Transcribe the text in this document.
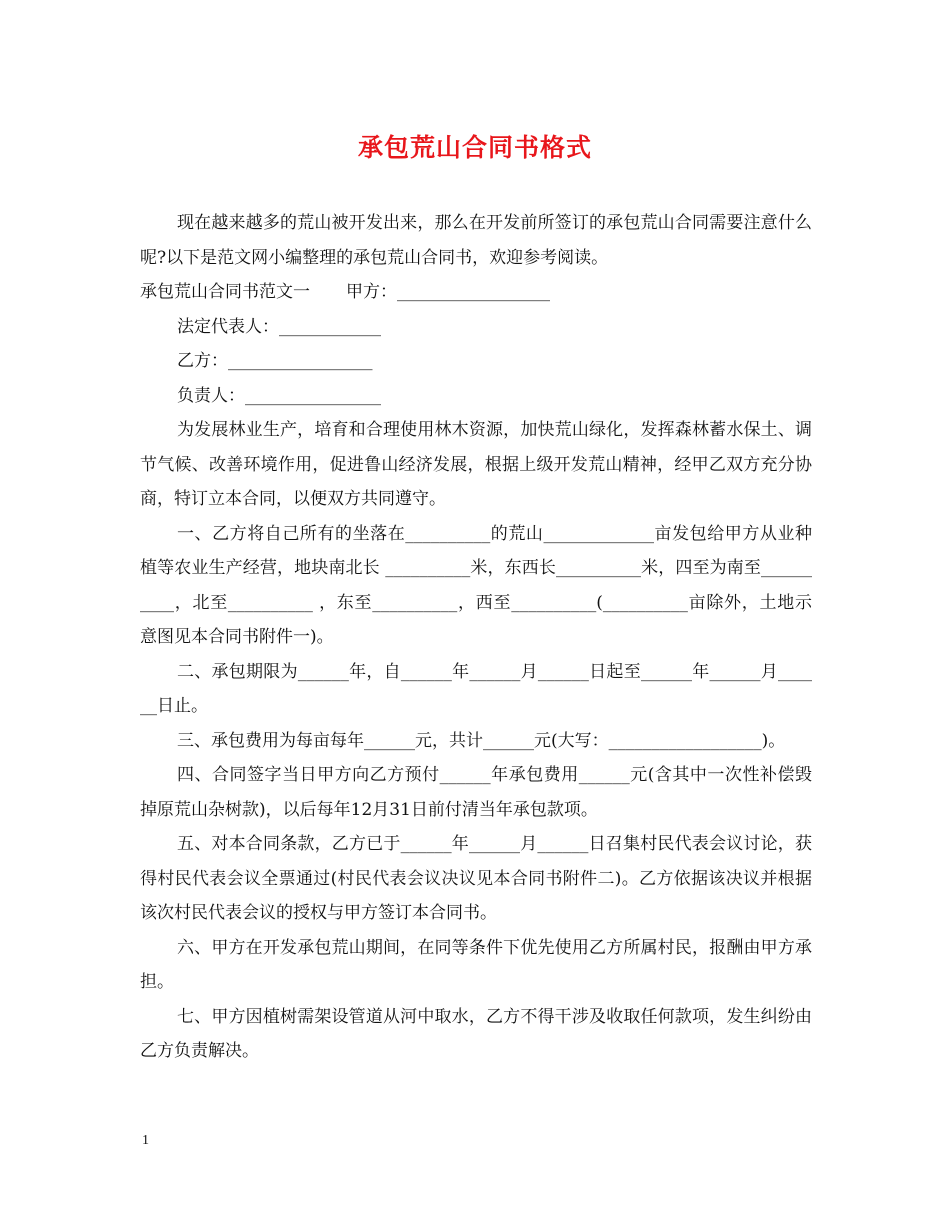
承包荒山合同书格式

现在越来越多的荒山被开发出来，那么在开发前所签订的承包荒山合同需要注意什么呢?以下是范文网小编整理的承包荒山合同书，欢迎参考阅读。

承包荒山合同书范文一 甲方：__________________

法定代表人：____________

乙方：_________________

负责人：________________

为发展林业生产，培育和合理使用林木资源，加快荒山绿化，发挥森林蓄水保土、调节气候、改善环境作用，促进鲁山经济发展，根据上级开发荒山精神，经甲乙双方充分协商，特订立本合同，以便双方共同遵守。

一、乙方将自己所有的坐落在__________的荒山_____________亩发包给甲方从业种植等农业生产经营，地块南北长 __________米，东西长__________米，四至为南至__________，北至__________ ，东至__________，西至__________(__________亩除外，土地示意图见本合同书附件一)。

二、承包期限为______年，自______年______月______日起至______年______月______日止。

三、承包费用为每亩每年______元，共计______元(大写：__________________)。

四、合同签字当日甲方向乙方预付______年承包费用______元(含其中一次性补偿毁掉原荒山杂树款)，以后每年12月31日前付清当年承包款项。

五、对本合同条款，乙方已于______年______月______日召集村民代表会议讨论，获得村民代表会议全票通过(村民代表会议决议见本合同书附件二)。乙方依据该决议并根据该次村民代表会议的授权与甲方签订本合同书。

六、甲方在开发承包荒山期间，在同等条件下优先使用乙方所属村民，报酬由甲方承担。

七、甲方因植树需架设管道从河中取水，乙方不得干涉及收取任何款项，发生纠纷由乙方负责解决。

1
